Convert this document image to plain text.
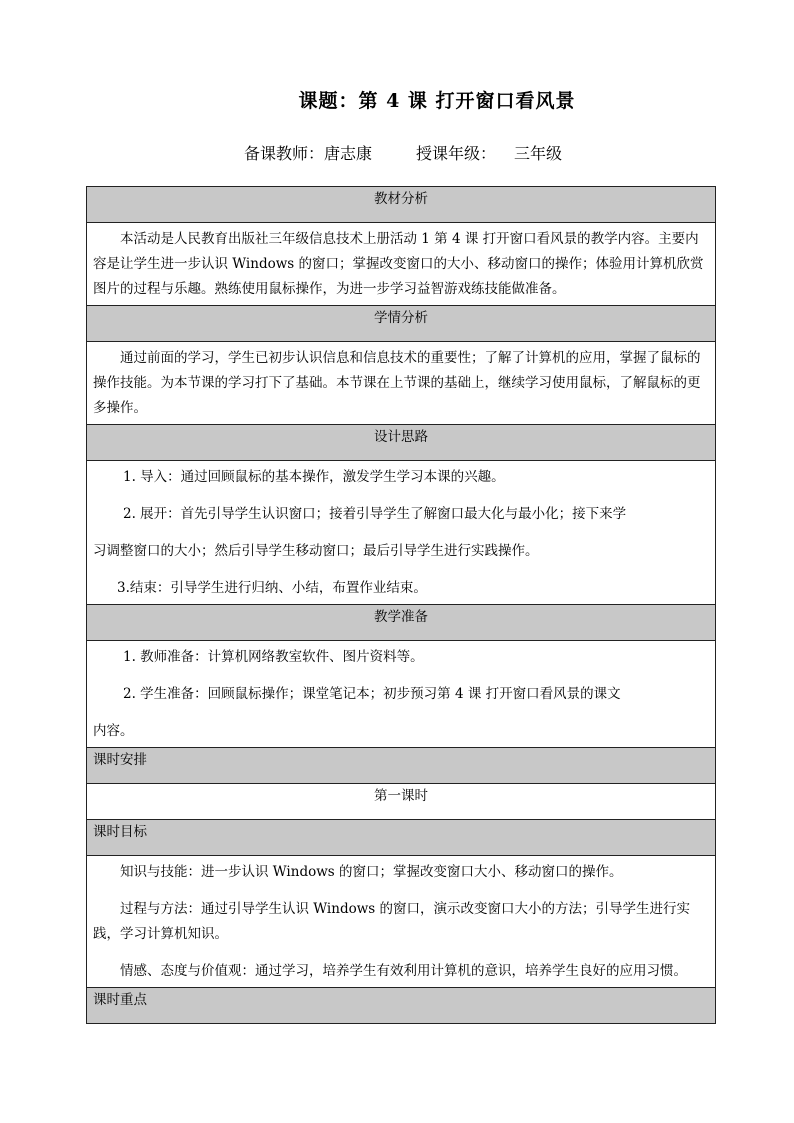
课题：第 4 课 打开窗口看风景
备课教师：唐志康	授课年级： 三年级
教材分析

本活动是人民教育出版社三年级信息技术上册活动 1 第 4 课 打开窗口看风景的教学内容。主要内容是让学生进一步认识 Windows 的窗口；掌握改变窗口的大小、移动窗口的操作；体验用计算机欣赏图片的过程与乐趣。熟练使用鼠标操作，为进一步学习益智游戏练技能做准备。

学情分析

通过前面的学习，学生已初步认识信息和信息技术的重要性；了解了计算机的应用，掌握了鼠标的操作技能。为本节课的学习打下了基础。本节课在上节课的基础上，继续学习使用鼠标，了解鼠标的更多操作。

设计思路

1. 导入：通过回顾鼠标的基本操作，激发学生学习本课的兴趣。

2. 展开：首先引导学生认识窗口；接着引导学生了解窗口最大化与最小化；接下来学

习调整窗口的大小；然后引导学生移动窗口；最后引导学生进行实践操作。

3.结束：引导学生进行归纳、小结，布置作业结束。

教学准备

1. 教师准备：计算机网络教室软件、图片资料等。

2. 学生准备：回顾鼠标操作；课堂笔记本；初步预习第 4 课 打开窗口看风景的课文

内容。

课时安排
第一课时
课时目标

知识与技能：进一步认识 Windows 的窗口；掌握改变窗口大小、移动窗口的操作。

过程与方法：通过引导学生认识 Windows 的窗口，演示改变窗口大小的方法；引导学生进行实践，学习计算机知识。

情感、态度与价值观：通过学习，培养学生有效利用计算机的意识，培养学生良好的应用习惯。

课时重点
